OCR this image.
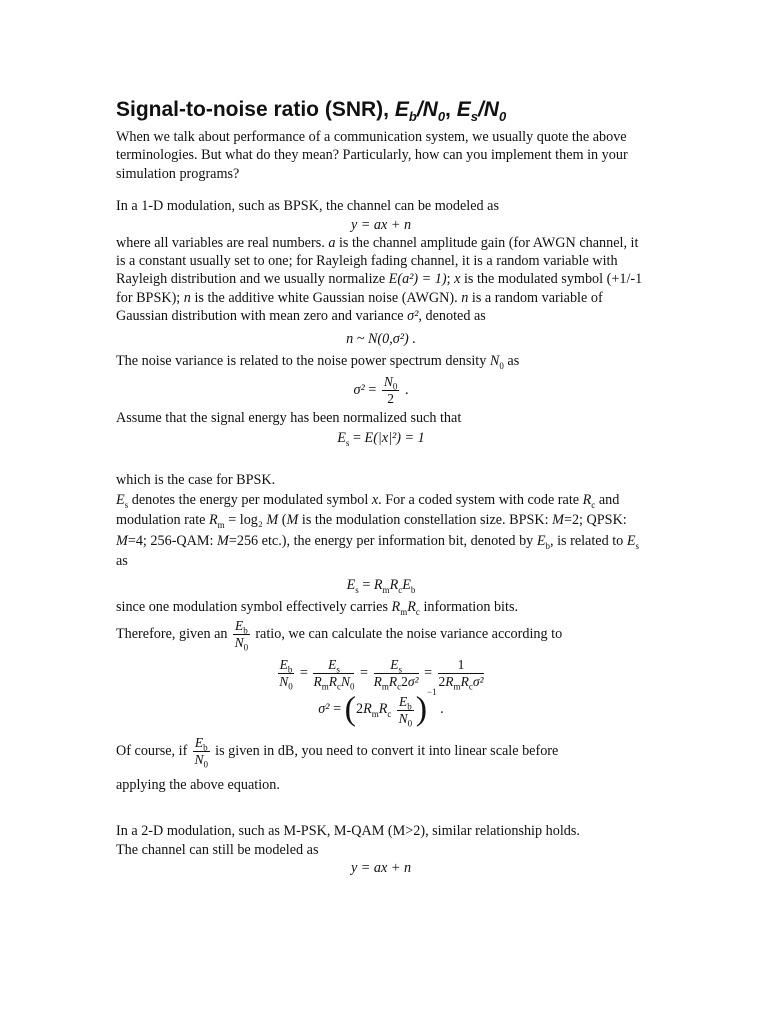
Signal-to-noise ratio (SNR), $E_b/N_0$, $E_s/N_0$

When we talk about performance of a communication system, we usually quote the above terminologies. But what do they mean? Particularly, how can you implement them in your simulation programs?

In a 1-D modulation, such as BPSK, the channel can be modeled as

y = ax + n

where all variables are real numbers. a is the channel amplitude gain (for AWGN channel, it is a constant usually set to one; for Rayleigh fading channel, it is a random variable with Rayleigh distribution and we usually normalize E(a²) = 1); x is the modulated symbol (+1/-1 for BPSK); n is the additive white Gaussian noise (AWGN). n is a random variable of Gaussian distribution with mean zero and variance σ², denoted as

n ~ N(0,σ²) .

The noise variance is related to the noise power spectrum density $N_0$ as

$\sigma^2 = \frac{N_0}{2}$ .

Assume that the signal energy has been normalized such that

$E_s = E(|x|^2) = 1$

which is the case for BPSK.

$E_s$ denotes the energy per modulated symbol x. For a coded system with code rate $R_c$ and modulation rate $R_m = \log_2$ M (M is the modulation constellation size. BPSK: M=2; QPSK: M=4; 256-QAM: M=256 etc.), the energy per information bit, denoted by $E_b$, is related to $E_s$ as

$E_s = R_mR_cE_b$

since one modulation symbol effectively carries $R_mR_c$ information bits.

Therefore, given an $\frac{E_b}{N_0}$ ratio, we can calculate the noise variance according to

$\frac{E_b}{N_0} = \frac{E_s}{R_mR_cN_0} = \frac{E_s}{R_mR_c2\sigma^2} = \frac{1}{2R_mR_c\sigma^2}$
$\sigma^2 = (2R_mR_c \frac{E_b}{N_0} )^{-1}$ .

Of course, if $\frac{E_b}{N_0}$ is given in dB, you need to convert it into linear scale before

applying the above equation.

In a 2-D modulation, such as M-PSK, M-QAM (M>2), similar relationship holds.
The channel can still be modeled as

y = ax + n
